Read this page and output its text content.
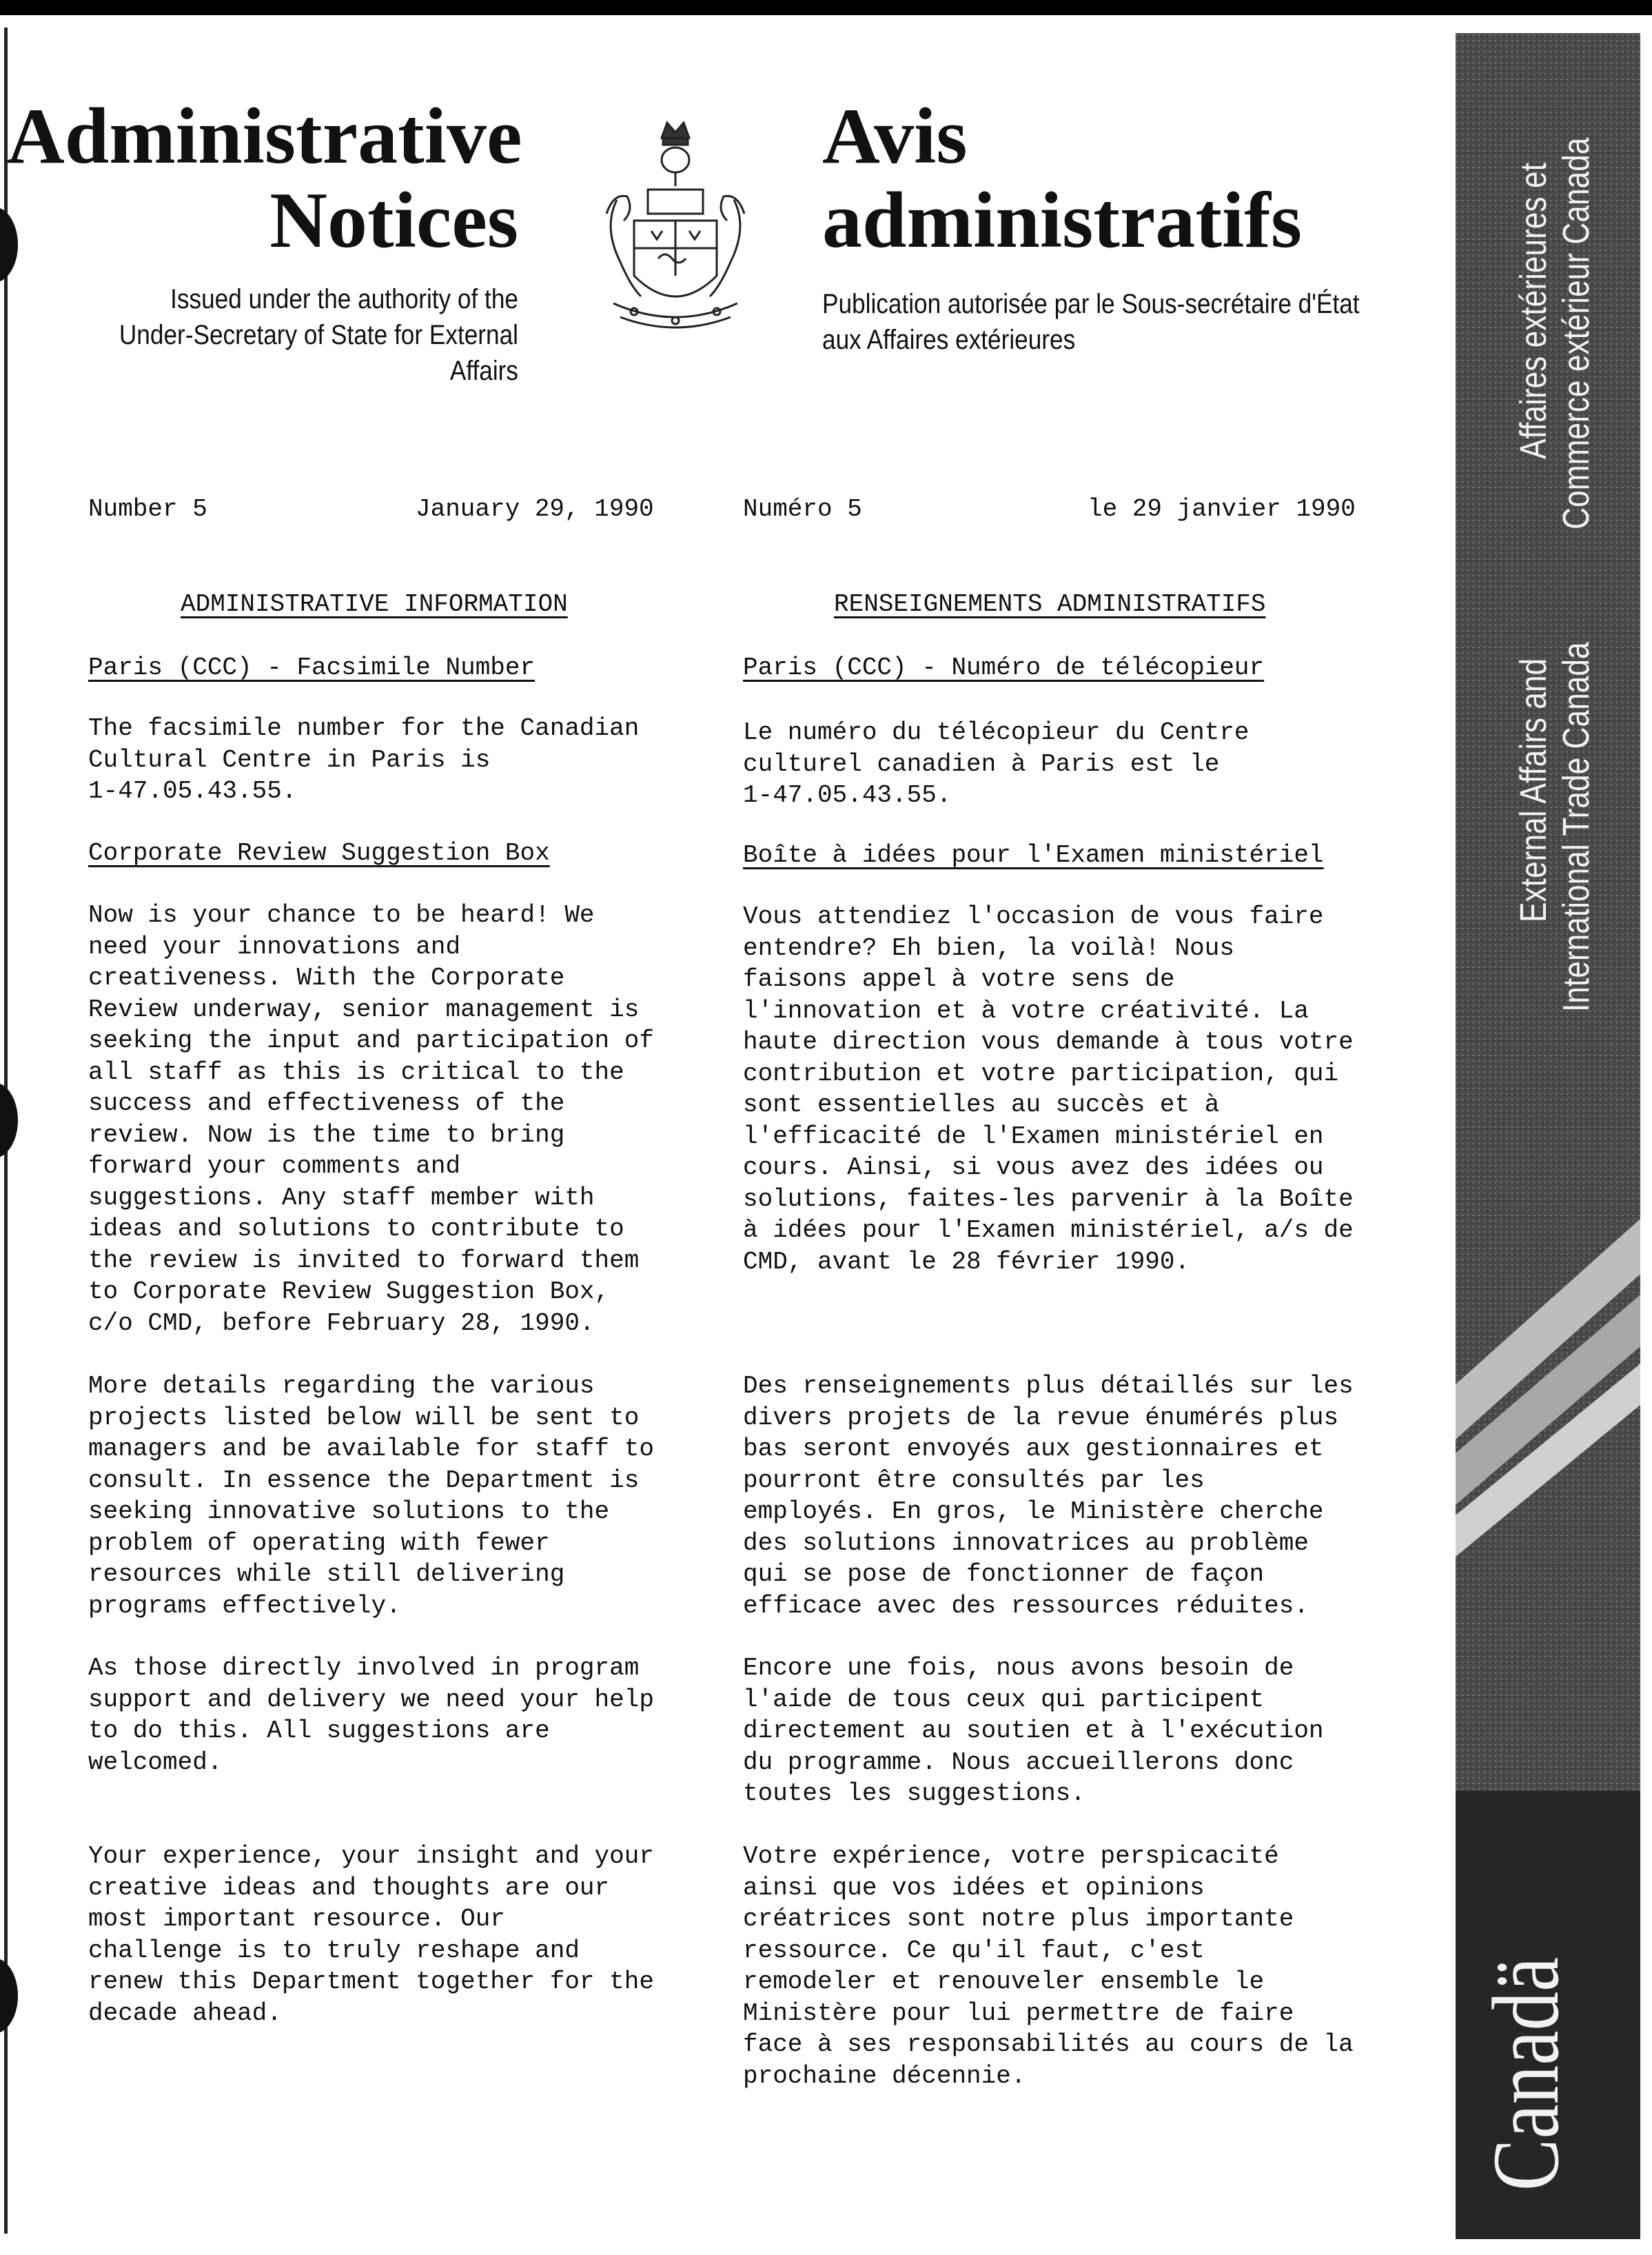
Administrative
Notices
Issued under the authority of the
Under-Secretary of State for External Affairs
Avis
administratifs
Publication autorisée par le Sous-secrétaire d'État
aux Affaires extérieures
Number 5	January 29, 1990	Numéro 5	le 29 janvier 1990
ADMINISTRATIVE INFORMATION
Paris (CCC) - Facsimile Number

The facsimile number for the Canadian
Cultural Centre in Paris is
1-47.05.43.55.

Corporate Review Suggestion Box

Now is your chance to be heard! We
need your innovations and
creativeness. With the Corporate
Review underway, senior management is
seeking the input and participation of
all staff as this is critical to the
success and effectiveness of the
review. Now is the time to bring
forward your comments and
suggestions. Any staff member with
ideas and solutions to contribute to
the review is invited to forward them
to Corporate Review Suggestion Box,
c/o CMD, before February 28, 1990.

More details regarding the various
projects listed below will be sent to
managers and be available for staff to
consult. In essence the Department is
seeking innovative solutions to the
problem of operating with fewer
resources while still delivering
programs effectively.

As those directly involved in program
support and delivery we need your help
to do this. All suggestions are
welcomed.

Your experience, your insight and your
creative ideas and thoughts are our
most important resource. Our
challenge is to truly reshape and
renew this Department together for the
decade ahead.

RENSEIGNEMENTS ADMINISTRATIFS
Paris (CCC) - Numéro de télécopieur

Le numéro du télécopieur du Centre
culturel canadien à Paris est le
1-47.05.43.55.

Boîte à idées pour l'Examen ministériel

Vous attendiez l'occasion de vous faire
entendre? Eh bien, la voilà! Nous
faisons appel à votre sens de
l'innovation et à votre créativité. La
haute direction vous demande à tous votre
contribution et votre participation, qui
sont essentielles au succès et à
l'efficacité de l'Examen ministériel en
cours. Ainsi, si vous avez des idées ou
solutions, faites-les parvenir à la Boîte
à idées pour l'Examen ministériel, a/s de
CMD, avant le 28 février 1990.

Des renseignements plus détaillés sur les
divers projets de la revue énumérés plus
bas seront envoyés aux gestionnaires et
pourront être consultés par les
employés. En gros, le Ministère cherche
des solutions innovatrices au problème
qui se pose de fonctionner de façon
efficace avec des ressources réduites.

Encore une fois, nous avons besoin de
l'aide de tous ceux qui participent
directement au soutien et à l'exécution
du programme. Nous accueillerons donc
toutes les suggestions.

Votre expérience, votre perspicacité
ainsi que vos idées et opinions
créatrices sont notre plus importante
ressource. Ce qu'il faut, c'est
remodeler et renouveler ensemble le
Ministère pour lui permettre de faire
face à ses responsabilités au cours de la
prochaine décennie.

Affaires extérieures et Commerce extérieur Canada
External Affairs and International Trade Canada
Canadä
